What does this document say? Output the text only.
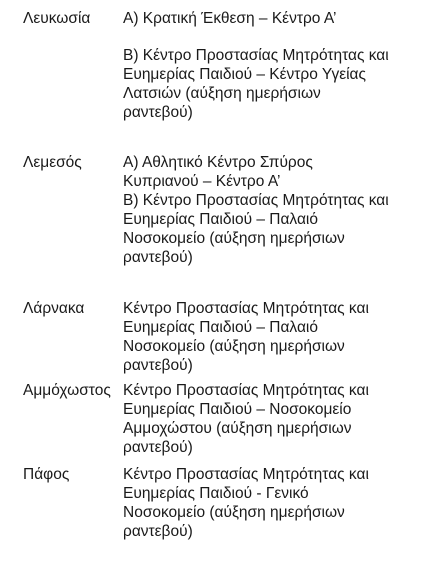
Λευκωσία Α) Κρατική Έκθεση – Κέντρο Α’
Β) Κέντρο Προστασίας Μητρότητας και
Ευημερίας Παιδιού – Κέντρο Υγείας
Λατσιών (αύξηση ημερήσιων
ραντεβού)
Λεμεσός	Α) Αθλητικό Κέντρο Σπύρος
Κυπριανού – Κέντρο Α’
Β) Κέντρο Προστασίας Μητρότητας και
Ευημερίας Παιδιού – Παλαιό
Νοσοκομείο (αύξηση ημερήσιων
ραντεβού)
Λάρνακα Κέντρο Προστασίας Μητρότητας και
Ευημερίας Παιδιού – Παλαιό
Νοσοκομείο (αύξηση ημερήσιων
ραντεβού)
Αμμόχωστος Κέντρο Προστασίας Μητρότητας και
Ευημερίας Παιδιού – Νοσοκομείο
Αμμοχώστου (αύξηση ημερήσιων
ραντεβού)
Πάφος	Κέντρο Προστασίας Μητρότητας και
Ευημερίας Παιδιού - Γενικό
Νοσοκομείο (αύξηση ημερήσιων
ραντεβού)
